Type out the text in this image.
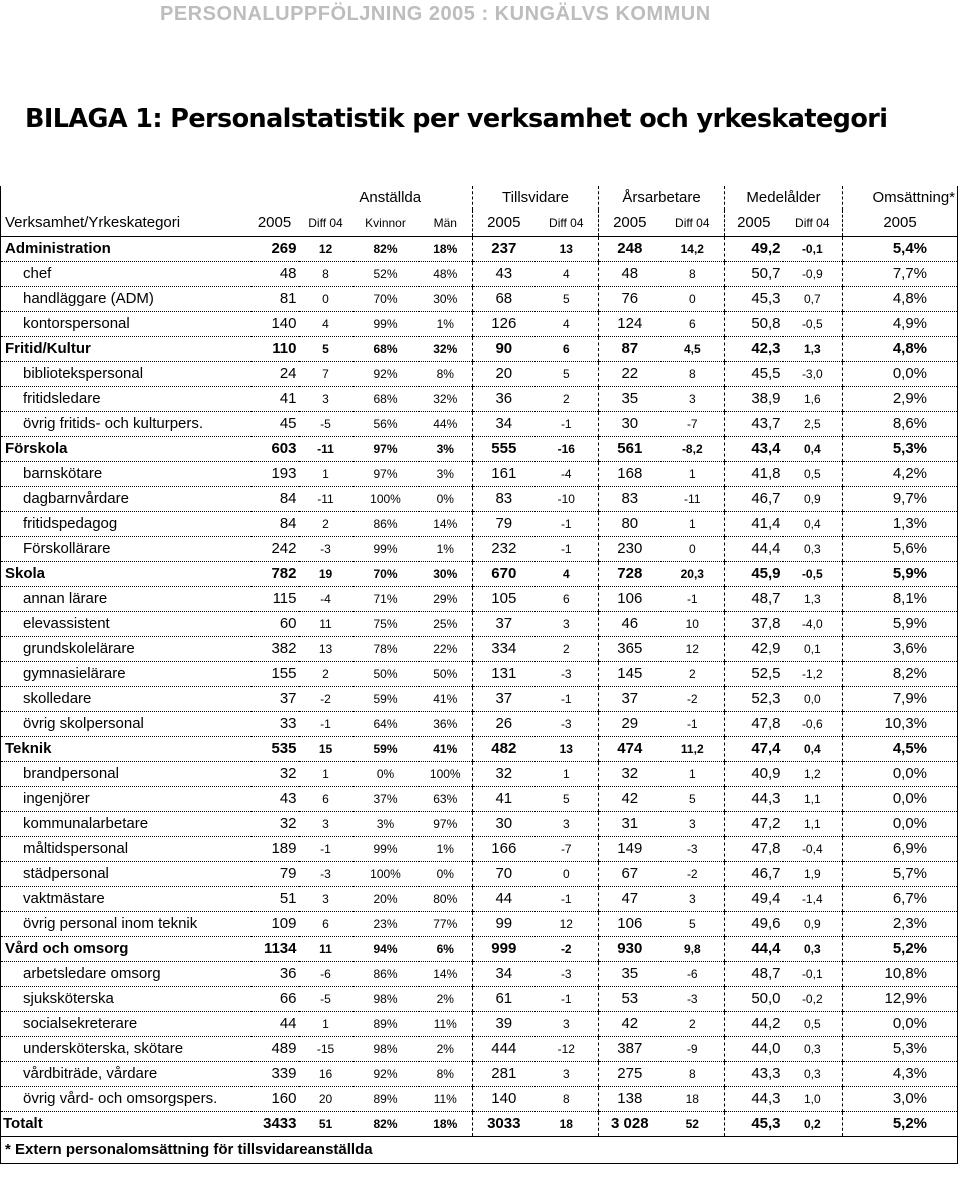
PERSONALUPPFÖLJNING 2005 : KUNGÄLVS KOMMUN
BILAGA 1: Personalstatistik per verksamhet och yrkeskategori
	Anställda				Tillsvidare		Årsarbetare		Medelålder		Omsättning*
Verksamhet/Yrkeskategori	2005	Diff 04	Kvinnor	Män	2005	Diff 04	2005	Diff 04	2005	Diff 04	2005
Administration	269	12	82%	18%	237	13	248	14,2	49,2	-0,1	5,4%
chef	48	8	52%	48%	43	4	48	8	50,7	-0,9	7,7%
handläggare (ADM)	81	0	70%	30%	68	5	76	0	45,3	0,7	4,8%
kontorspersonal	140	4	99%	1%	126	4	124	6	50,8	-0,5	4,9%
Fritid/Kultur	110	5	68%	32%	90	6	87	4,5	42,3	1,3	4,8%
bibliotekspersonal	24	7	92%	8%	20	5	22	8	45,5	-3,0	0,0%
fritidsledare	41	3	68%	32%	36	2	35	3	38,9	1,6	2,9%
övrig fritids- och kulturpers.	45	-5	56%	44%	34	-1	30	-7	43,7	2,5	8,6%
Förskola	603	-11	97%	3%	555	-16	561	-8,2	43,4	0,4	5,3%
barnskötare	193	1	97%	3%	161	-4	168	1	41,8	0,5	4,2%
dagbarnvårdare	84	-11	100%	0%	83	-10	83	-11	46,7	0,9	9,7%
fritidspedagog	84	2	86%	14%	79	-1	80	1	41,4	0,4	1,3%
Förskollärare	242	-3	99%	1%	232	-1	230	0	44,4	0,3	5,6%
Skola	782	19	70%	30%	670	4	728	20,3	45,9	-0,5	5,9%
annan lärare	115	-4	71%	29%	105	6	106	-1	48,7	1,3	8,1%
elevassistent	60	11	75%	25%	37	3	46	10	37,8	-4,0	5,9%
grundskolelärare	382	13	78%	22%	334	2	365	12	42,9	0,1	3,6%
gymnasielärare	155	2	50%	50%	131	-3	145	2	52,5	-1,2	8,2%
skolledare	37	-2	59%	41%	37	-1	37	-2	52,3	0,0	7,9%
övrig skolpersonal	33	-1	64%	36%	26	-3	29	-1	47,8	-0,6	10,3%
Teknik	535	15	59%	41%	482	13	474	11,2	47,4	0,4	4,5%
brandpersonal	32	1	0%	100%	32	1	32	1	40,9	1,2	0,0%
ingenjörer	43	6	37%	63%	41	5	42	5	44,3	1,1	0,0%
kommunalarbetare	32	3	3%	97%	30	3	31	3	47,2	1,1	0,0%
måltidspersonal	189	-1	99%	1%	166	-7	149	-3	47,8	-0,4	6,9%
städpersonal	79	-3	100%	0%	70	0	67	-2	46,7	1,9	5,7%
vaktmästare	51	3	20%	80%	44	-1	47	3	49,4	-1,4	6,7%
övrig personal inom teknik	109	6	23%	77%	99	12	106	5	49,6	0,9	2,3%
Vård och omsorg	1134	11	94%	6%	999	-2	930	9,8	44,4	0,3	5,2%
arbetsledare omsorg	36	-6	86%	14%	34	-3	35	-6	48,7	-0,1	10,8%
sjuksköterska	66	-5	98%	2%	61	-1	53	-3	50,0	-0,2	12,9%
socialsekreterare	44	1	89%	11%	39	3	42	2	44,2	0,5	0,0%
undersköterska, skötare	489	-15	98%	2%	444	-12	387	-9	44,0	0,3	5,3%
vårdbiträde, vårdare	339	16	92%	8%	281	3	275	8	43,3	0,3	4,3%
övrig vård- och omsorgspers.	160	20	89%	11%	140	8	138	18	44,3	1,0	3,0%
Totalt	3433	51	82%	18%	3033	18	3 028	52	45,3	0,2	5,2%
* Extern personalomsättning för tillsvidareanställda											
